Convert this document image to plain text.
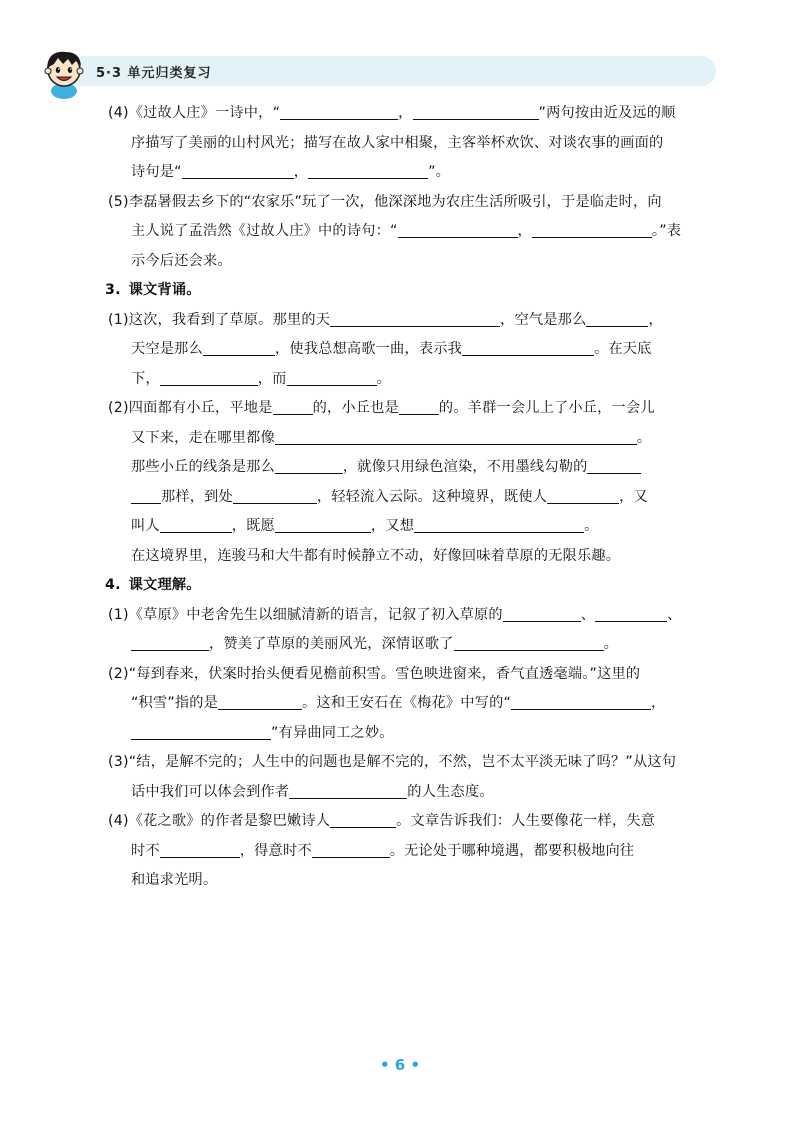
5·3 单元归类复习
(4)《过故人庄》一诗中，“	，	”两句按由近及远的顺
序描写了美丽的山村风光；描写在故人家中相聚，主客举杯欢饮、对谈农事的画面的
诗句是“	，	”。
(5)李磊暑假去乡下的“农家乐”玩了一次，他深深地为农庄生活所吸引，于是临走时，向
主人说了孟浩然《过故人庄》中的诗句：“	，	。”表
示今后还会来。
3. 课文背诵。
(1)这次，我看到了草原。那里的天	，空气是那么	，
天空是那么	，使我总想高歌一曲，表示我	。在天底
下，	，而	。
(2)四面都有小丘，平地是	的，小丘也是	的。羊群一会儿上了小丘，一会儿
又下来，走在哪里都像	。
那些小丘的线条是那么	，就像只用绿色渲染，不用墨线勾勒的
那样，到处	，轻轻流入云际。这种境界，既使人	，又
叫人	，既愿	，又想	。
在这境界里，连骏马和大牛都有时候静立不动，好像回味着草原的无限乐趣。
4. 课文理解。
(1)《草原》中老舍先生以细腻清新的语言，记叙了初入草原的	、	、
，赞美了草原的美丽风光，深情讴歌了	。
(2)“每到春来，伏案时抬头便看见檐前积雪。雪色映进窗来，香气直透毫端。”这里的
“积雪”指的是	。这和王安石在《梅花》中写的“	，
”有异曲同工之妙。
(3)“结，是解不完的；人生中的问题也是解不完的，不然，岂不太平淡无味了吗？”从这句
话中我们可以体会到作者	的人生态度。
(4)《花之歌》的作者是黎巴嫩诗人	。文章告诉我们：人生要像花一样，失意
时不	，得意时不	。无论处于哪种境遇，都要积极地向往
和追求光明。
• 6 •
